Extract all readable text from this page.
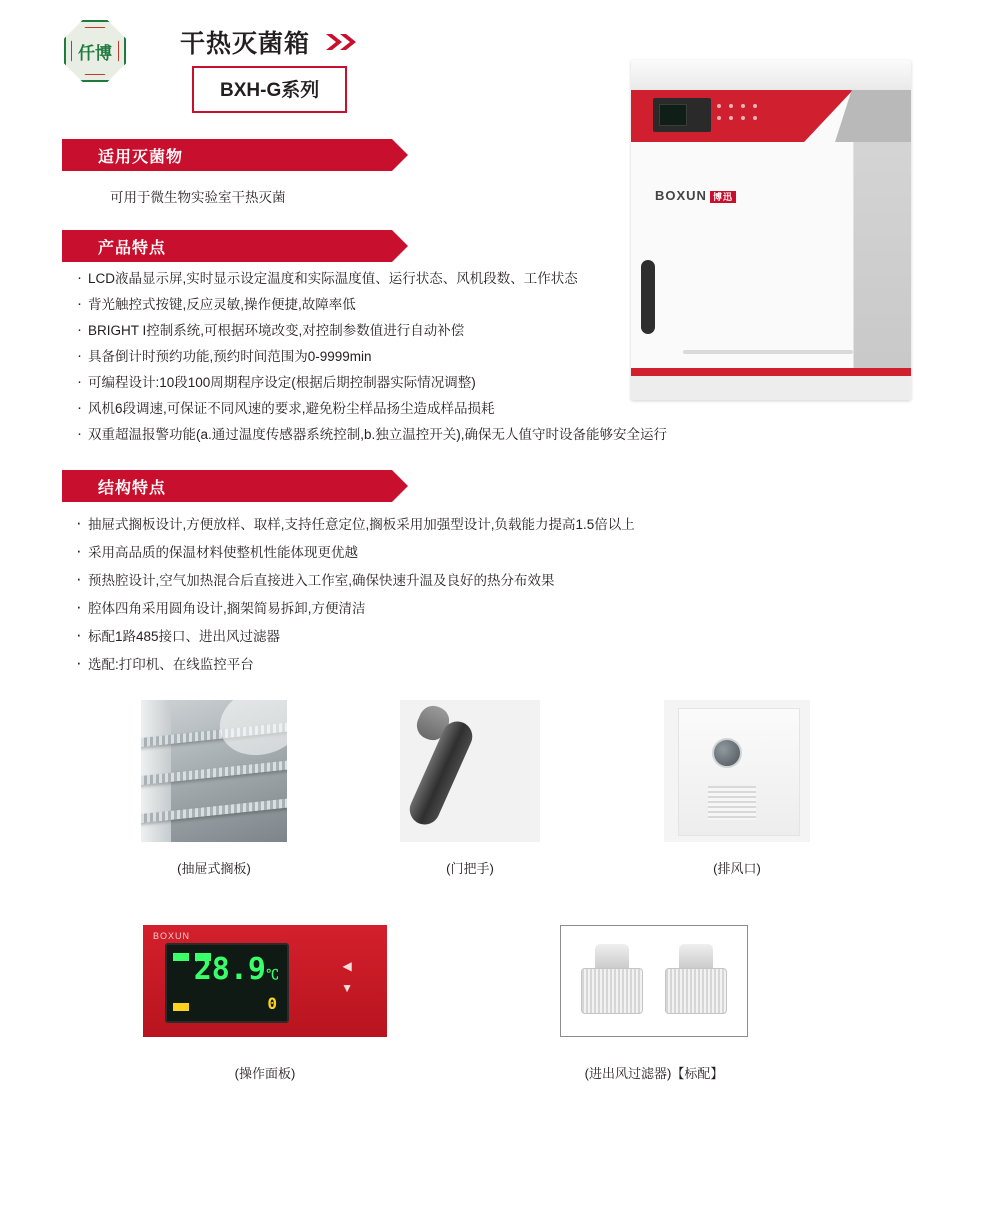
仟博	干热灭菌箱
BXH-G系列
BOXUN 博迅
适用灭菌物
可用于微生物实验室干热灭菌
产品特点
· LCD液晶显示屏,实时显示设定温度和实际温度值、运行状态、风机段数、工作状态
· 背光触控式按键,反应灵敏,操作便捷,故障率低
· BRIGHT I控制系统,可根据环境改变,对控制参数值进行自动补偿
· 具备倒计时预约功能,预约时间范围为0-9999min
· 可编程设计:10段100周期程序设定(根据后期控制器实际情况调整)
· 风机6段调速,可保证不同风速的要求,避免粉尘样品扬尘造成样品损耗
· 双重超温报警功能(a.通过温度传感器系统控制,b.独立温控开关),确保无人值守时设备能够安全运行
结构特点
· 抽屉式搁板设计,方便放样、取样,支持任意定位,搁板采用加强型设计,负载能力提高1.5倍以上
· 采用高品质的保温材料使整机性能体现更优越
· 预热腔设计,空气加热混合后直接进入工作室,确保快速升温及良好的热分布效果
· 腔体四角采用圆角设计,搁架简易拆卸,方便清洁
· 标配1路485接口、进出风过滤器
· 选配:打印机、在线监控平台
(抽屉式搁板)	(门把手)	(排风口)
BOXUN
28.9℃
0
◀
▼
(操作面板)	(进出风过滤器)【标配】
